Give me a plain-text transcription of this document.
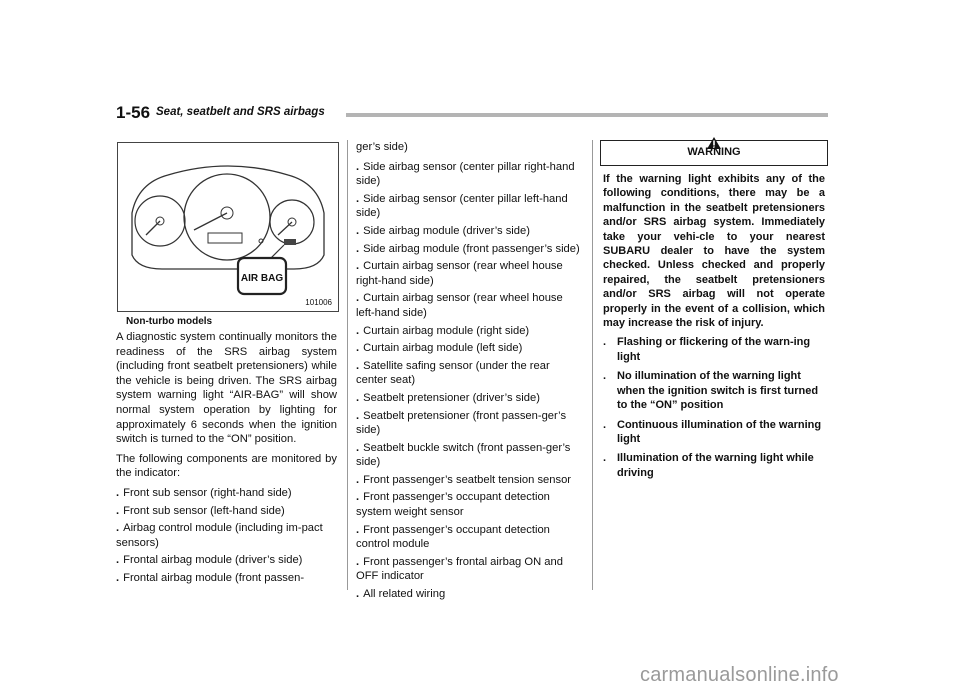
1-56 Seat, seatbelt and SRS airbags
AIR BAG
101006
Non-turbo models

A diagnostic system continually monitors the readiness of the SRS airbag system (including front seatbelt pretensioners) while the vehicle is being driven. The SRS airbag system warning light “AIR-BAG” will show normal system operation by lighting for approximately 6 seconds when the ignition switch is turned to the “ON” position.

The following components are monitored by the indicator:

. Front sub sensor (right-hand side)
. Front sub sensor (left-hand side)
. Airbag control module (including im-pact sensors)
. Frontal airbag module (driver’s side)
. Frontal airbag module (front passen-

ger’s side)

. Side airbag sensor (center pillar right-hand side)
. Side airbag sensor (center pillar left-hand side)
. Side airbag module (driver’s side)
. Side airbag module (front passenger’s side)
. Curtain airbag sensor (rear wheel house right-hand side)
. Curtain airbag sensor (rear wheel house left-hand side)
. Curtain airbag module (right side)
. Curtain airbag module (left side)
. Satellite safing sensor (under the rear center seat)
. Seatbelt pretensioner (driver’s side)
. Seatbelt pretensioner (front passen-ger’s side)
. Seatbelt buckle switch (front passen-ger’s side)
. Front passenger’s seatbelt tension sensor
. Front passenger’s occupant detection system weight sensor
. Front passenger’s occupant detection control module
. Front passenger’s frontal airbag ON and OFF indicator
. All related wiring
WARNING

If the warning light exhibits any of the following conditions, there may be a malfunction in the seatbelt pretensioners and/or SRS airbag system. Immediately take your vehi-cle to your nearest SUBARU dealer to have the system checked. Unless checked and properly repaired, the seatbelt pretensioners and/or SRS airbag will not operate properly in the event of a collision, which may increase the risk of injury.

. Flashing or flickering of the warn-ing light
. No illumination of the warning light when the ignition switch is first turned to the “ON” position
. Continuous illumination of the warning light
. Illumination of the warning light while driving
carmanualsonline.info
